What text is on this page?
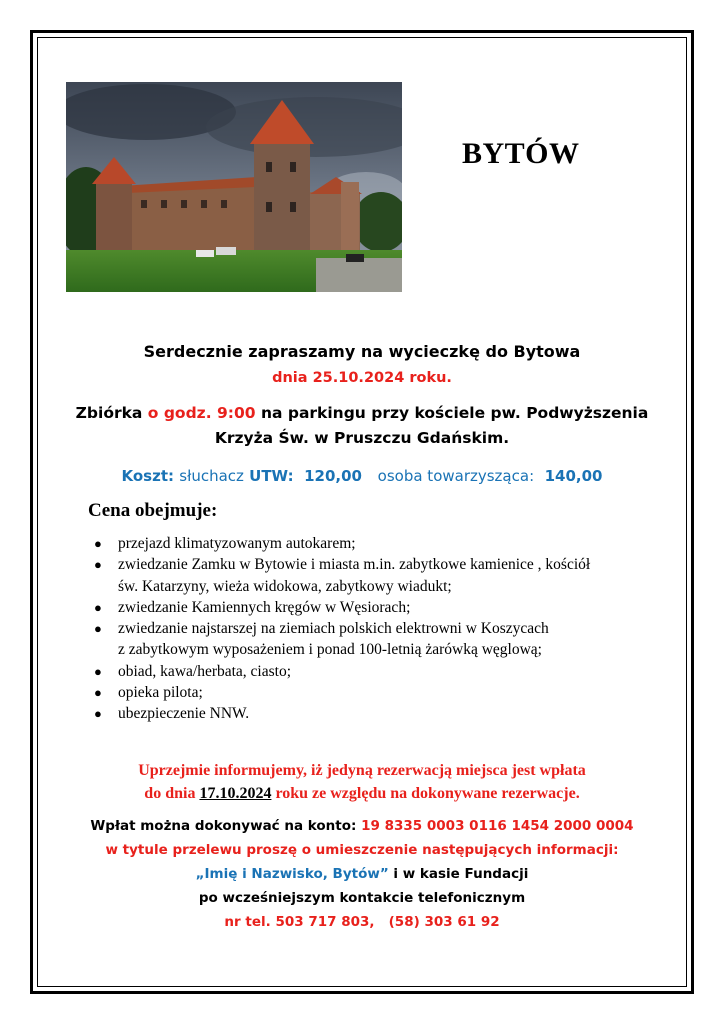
BYTÓW
Serdecznie zapraszamy na wycieczkę do Bytowa
dnia 25.10.2024 roku.
Zbiórka o godz. 9:00 na parkingu przy kościele pw. Podwyższenia
Krzyża Św. w Pruszczu Gdańskim.
Koszt: słuchacz UTW: 120,00 osoba towarzysząca: 140,00
Cena obejmuje:
● przejazd klimatyzowanym autokarem;
● zwiedzanie Zamku w Bytowie i miasta m.in. zabytkowe kamienice , kościół
św. Katarzyny, wieża widokowa, zabytkowy wiadukt;
● zwiedzanie Kamiennych kręgów w Węsiorach;
● zwiedzanie najstarszej na ziemiach polskich elektrowni w Koszycach
z zabytkowym wyposażeniem i ponad 100-letnią żarówką węglową;
● obiad, kawa/herbata, ciasto;
● opieka pilota;
● ubezpieczenie NNW.
Uprzejmie informujemy, iż jedyną rezerwacją miejsca jest wpłata
do dnia 17.10.2024 roku ze względu na dokonywane rezerwacje.
Wpłat można dokonywać na konto: 19 8335 0003 0116 1454 2000 0004
w tytule przelewu proszę o umieszczenie następujących informacji:
„Imię i Nazwisko, Bytów” i w kasie Fundacji
po wcześniejszym kontakcie telefonicznym
nr tel. 503 717 803, (58) 303 61 92
